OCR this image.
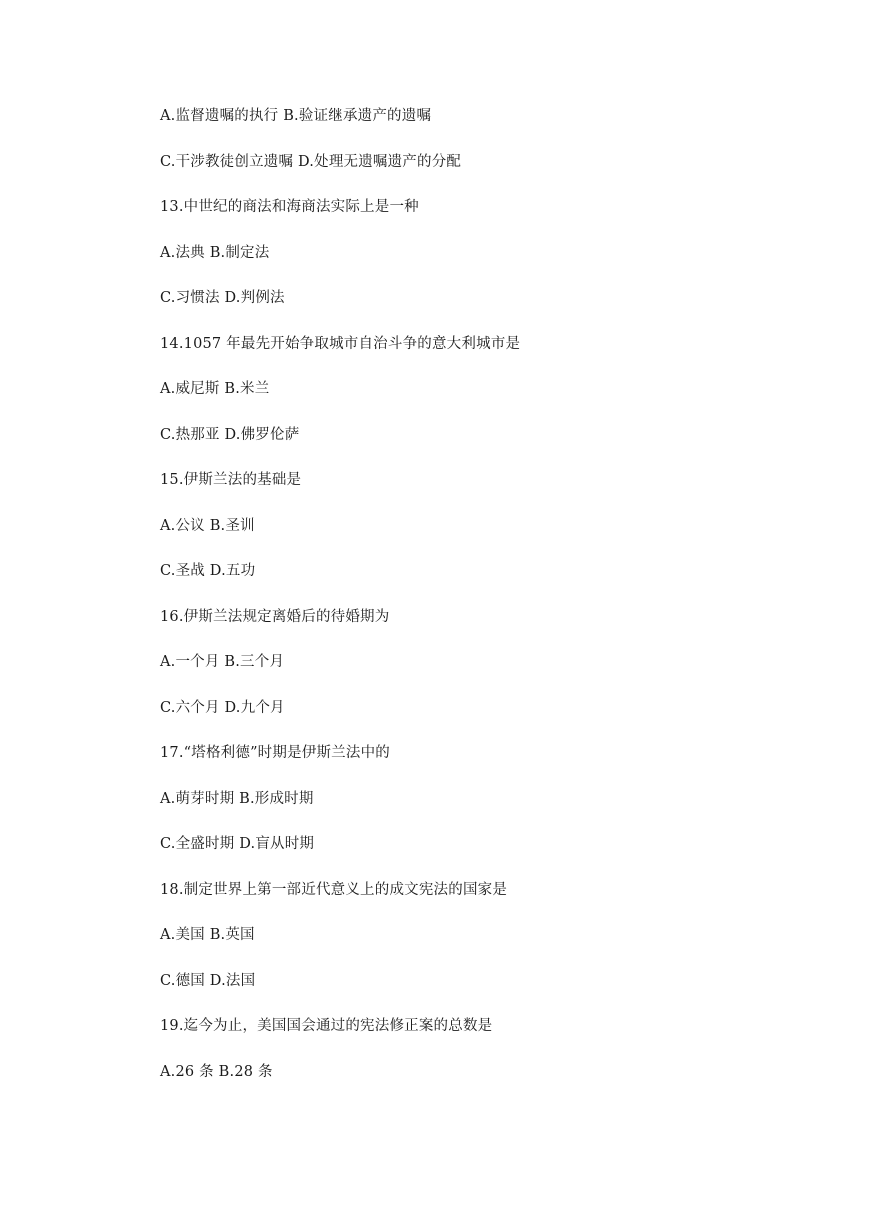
A.监督遗嘱的执行 B.验证继承遗产的遗嘱
C.干涉教徒创立遗嘱 D.处理无遗嘱遗产的分配
13.中世纪的商法和海商法实际上是一种
A.法典 B.制定法
C.习惯法 D.判例法
14.1057 年最先开始争取城市自治斗争的意大利城市是
A.威尼斯 B.米兰
C.热那亚 D.佛罗伦萨
15.伊斯兰法的基础是
A.公议 B.圣训
C.圣战 D.五功
16.伊斯兰法规定离婚后的待婚期为
A.一个月 B.三个月
C.六个月 D.九个月
17.“塔格利德”时期是伊斯兰法中的
A.萌芽时期 B.形成时期
C.全盛时期 D.盲从时期
18.制定世界上第一部近代意义上的成文宪法的国家是
A.美国 B.英国
C.德国 D.法国
19.迄今为止，美国国会通过的宪法修正案的总数是
A.26 条 B.28 条
